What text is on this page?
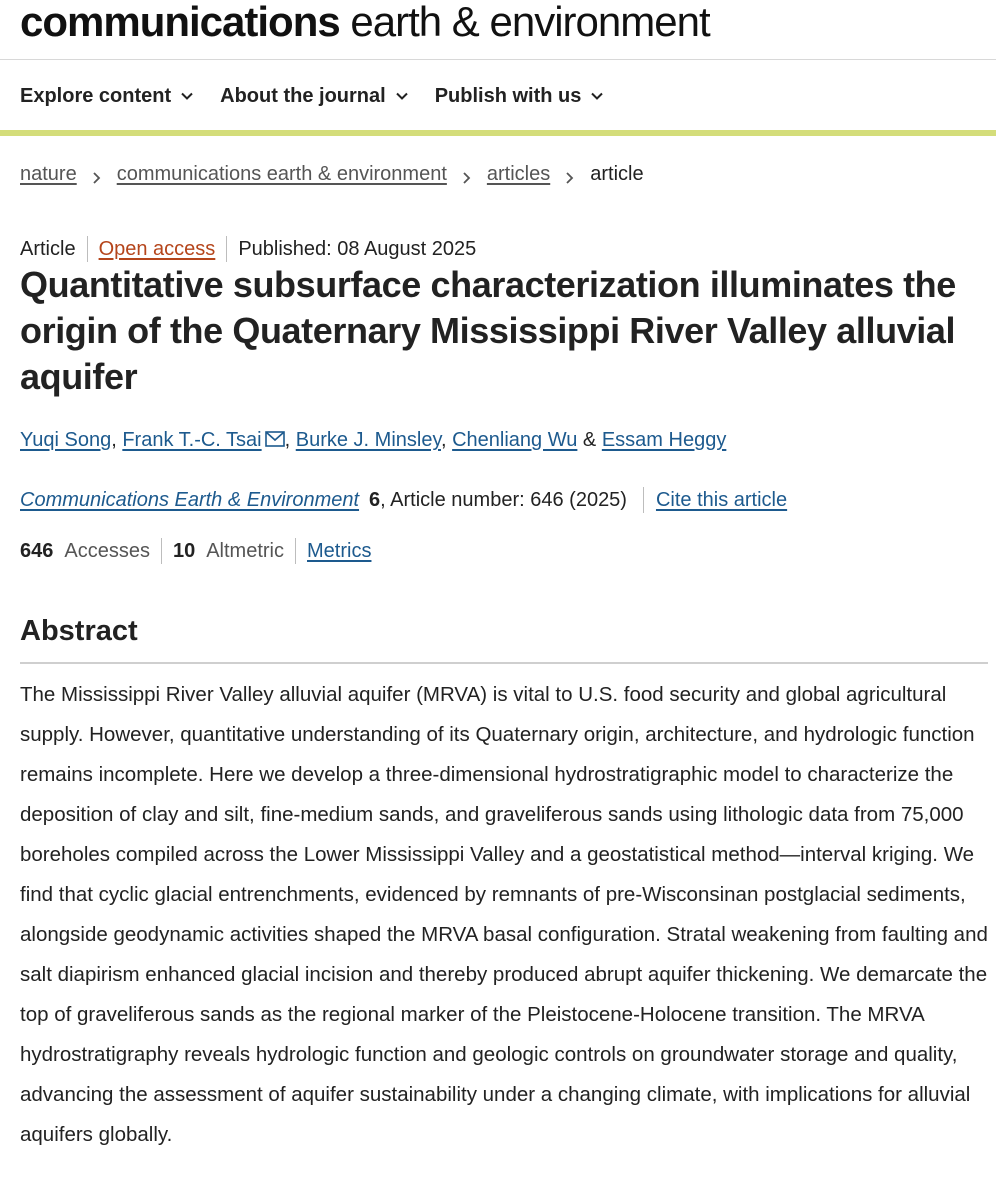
communications earth & environment
Explore content About the journal Publish with us
nature communications earth & environment articles article
Article Open access Published: 08 August 2025
Quantitative subsurface characterization illuminates the origin of the Quaternary Mississippi River Valley alluvial aquifer
Yuqi Song, Frank T.-C. Tsai , Burke J. Minsley, Chenliang Wu & Essam Heggy
Communications Earth & Environment 6 , Article number: 646 (2025) Cite this article
646 Accesses 10 Altmetric Metrics
Abstract

The Mississippi River Valley alluvial aquifer (MRVA) is vital to U.S. food security and global agricultural supply. However, quantitative understanding of its Quaternary origin, architecture, and hydrologic function remains incomplete. Here we develop a three-dimensional hydrostratigraphic model to characterize the deposition of clay and silt, fine-medium sands, and graveliferous sands using lithologic data from 75,000 boreholes compiled across the Lower Mississippi Valley and a geostatistical method—interval kriging. We find that cyclic glacial entrenchments, evidenced by remnants of pre-Wisconsinan postglacial sediments, alongside geodynamic activities shaped the MRVA basal configuration. Stratal weakening from faulting and salt diapirism enhanced glacial incision and thereby produced abrupt aquifer thickening. We demarcate the top of graveliferous sands as the regional marker of the Pleistocene-Holocene transition. The MRVA hydrostratigraphy reveals hydrologic function and geologic controls on groundwater storage and quality, advancing the assessment of aquifer sustainability under a changing climate, with implications for alluvial aquifers globally.
